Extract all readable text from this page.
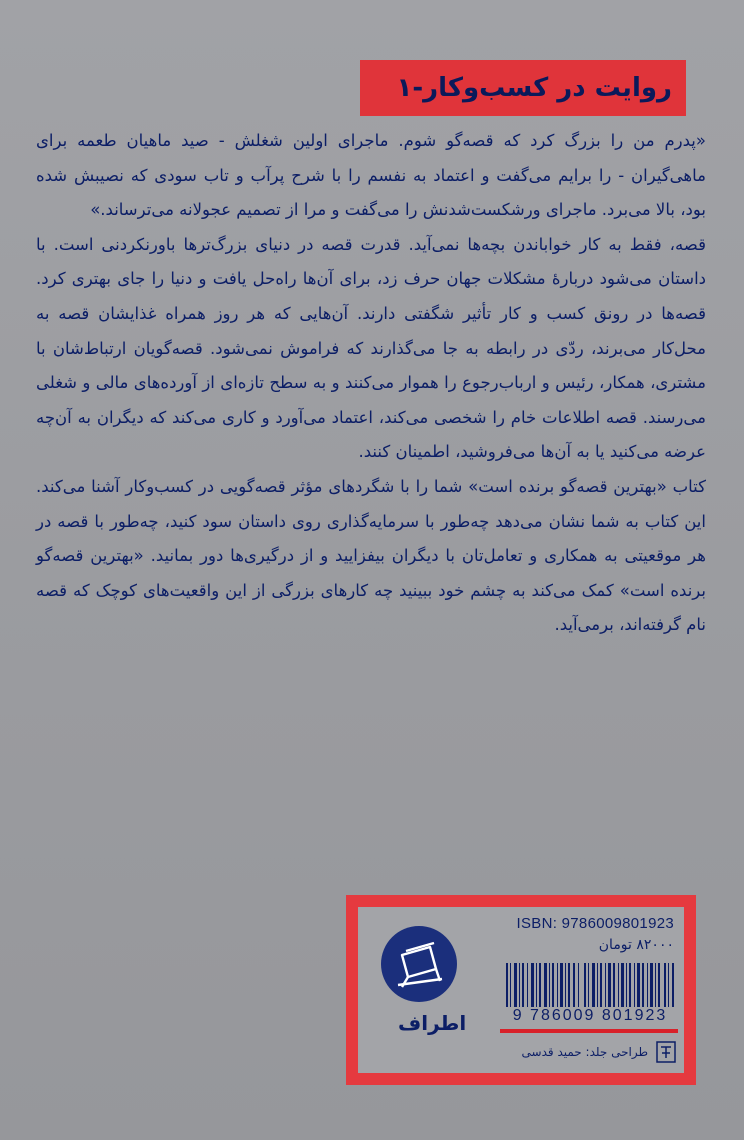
روایت در کسب‌وکار-۱

«پدرم من را بزرگ کرد که قصه‌گو شوم. ماجرای اولین شغلش - صید ماهیان طعمه برای ماهی‌گیران - را برایم می‌گفت و اعتماد به نفسم را با شرح پرآب و تاب سودی که نصیبش شده بود، بالا می‌برد. ماجرای ورشکست‌شدنش را می‌گفت و مرا از تصمیم عجولانه می‌ترساند.»

قصه، فقط به کار خواباندن بچه‌ها نمی‌آید. قدرت قصه در دنیای بزرگ‌ترها باورنکردنی است. با داستان می‌شود دربارهٔ مشکلات جهان حرف زد، برای آن‌ها راه‌حل یافت و دنیا را جای بهتری کرد. قصه‌ها در رونق کسب و کار تأثیر شگفتی دارند. آن‌هایی که هر روز همراه غذایشان قصه به محل‌کار می‌برند، ردّی در رابطه به جا می‌گذارند که فراموش نمی‌شود. قصه‌گویان ارتباط‌شان با مشتری، همکار، رئیس و ارباب‌رجوع را هموار می‌کنند و به سطح تازه‌ای از آورده‌های مالی و شغلی می‌رسند. قصه اطلاعات خام را شخصی می‌کند، اعتماد می‌آورد و کاری می‌کند که دیگران به آن‌چه عرضه می‌کنید یا به آن‌ها می‌فروشید، اطمینان کنند.

کتاب «بهترین قصه‌گو برنده است» شما را با شگردهای مؤثر قصه‌گویی در کسب‌وکار آشنا می‌کند. این کتاب به شما نشان می‌دهد چه‌طور با سرمایه‌گذاری روی داستان سود کنید، چه‌طور با قصه در هر موقعیتی به همکاری و تعامل‌تان با دیگران بیفزایید و از درگیری‌ها دور بمانید. «بهترین قصه‌گو برنده است» کمک می‌کند به چشم خود ببینید چه کارهای بزرگی از این واقعیت‌های کوچک که قصه نام گرفته‌اند، برمی‌آید.

اطراف
ISBN: 9786009801923
۸۲۰۰۰ تومان
9 786009 801923
طراحی جلد: حمید قدسی
